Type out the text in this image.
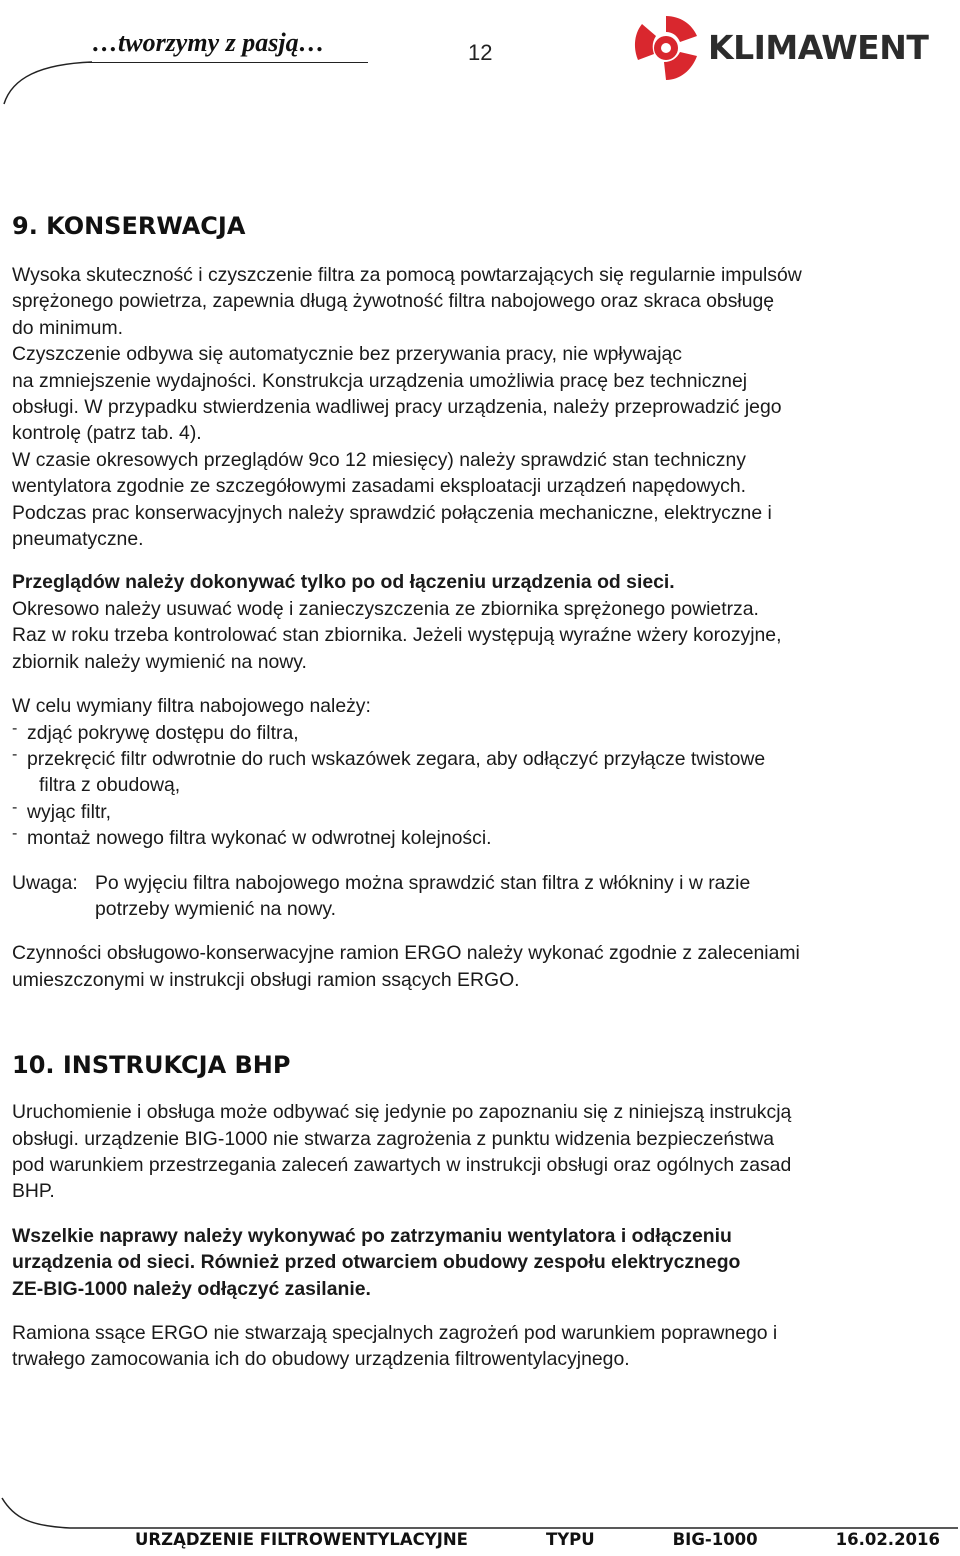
…tworzymy z pasją…	12	KLIMAWENT
9. KONSERWACJA

Wysoka skuteczność i czyszczenie filtra za pomocą powtarzających się regularnie impulsów

sprężonego powietrza, zapewnia długą żywotność filtra nabojowego oraz skraca obsługę

do minimum.

Czyszczenie odbywa się automatycznie bez przerywania pracy, nie wpływając

na zmniejszenie wydajności. Konstrukcja urządzenia umożliwia pracę bez technicznej

obsługi. W przypadku stwierdzenia wadliwej pracy urządzenia, należy przeprowadzić jego

kontrolę (patrz tab. 4).

W czasie okresowych przeglądów 9co 12 miesięcy) należy sprawdzić stan techniczny

wentylatora zgodnie ze szczegółowymi zasadami eksploatacji urządzeń napędowych.

Podczas prac konserwacyjnych należy sprawdzić połączenia mechaniczne, elektryczne i

pneumatyczne.

Przeglądów należy dokonywać tylko po od łączeniu urządzenia od sieci.

Okresowo należy usuwać wodę i zanieczyszczenia ze zbiornika sprężonego powietrza.

Raz w roku trzeba kontrolować stan zbiornika. Jeżeli występują wyraźne wżery korozyjne,

zbiornik należy wymienić na nowy.

W celu wymiany filtra nabojowego należy:

- zdjąć pokrywę dostępu do filtra,

- przekręcić filtr odwrotnie do ruch wskazówek zegara, aby odłączyć przyłącze twistowe

filtra z obudową,

- wyjąc filtr,

- montaż nowego filtra wykonać w odwrotnej kolejności.

Uwaga: Po wyjęciu filtra nabojowego można sprawdzić stan filtra z włókniny i w razie

potrzeby wymienić na nowy.

Czynności obsługowo-konserwacyjne ramion ERGO należy wykonać zgodnie z zaleceniami

umieszczonymi w instrukcji obsługi ramion ssących ERGO.

10. INSTRUKCJA BHP

Uruchomienie i obsługa może odbywać się jedynie po zapoznaniu się z niniejszą instrukcją

obsługi. urządzenie BIG-1000 nie stwarza zagrożenia z punktu widzenia bezpieczeństwa

pod warunkiem przestrzegania zaleceń zawartych w instrukcji obsługi oraz ogólnych zasad

BHP.

Wszelkie naprawy należy wykonywać po zatrzymaniu wentylatora i odłączeniu

urządzenia od sieci. Również przed otwarciem obudowy zespołu elektrycznego

ZE-BIG-1000 należy odłączyć zasilanie.

Ramiona ssące ERGO nie stwarzają specjalnych zagrożeń pod warunkiem poprawnego i

trwałego zamocowania ich do obudowy urządzenia filtrowentylacyjnego.

URZĄDZENIE FILTROWENTYLACYJNE	TYPU	BIG-1000	16.02.2016
